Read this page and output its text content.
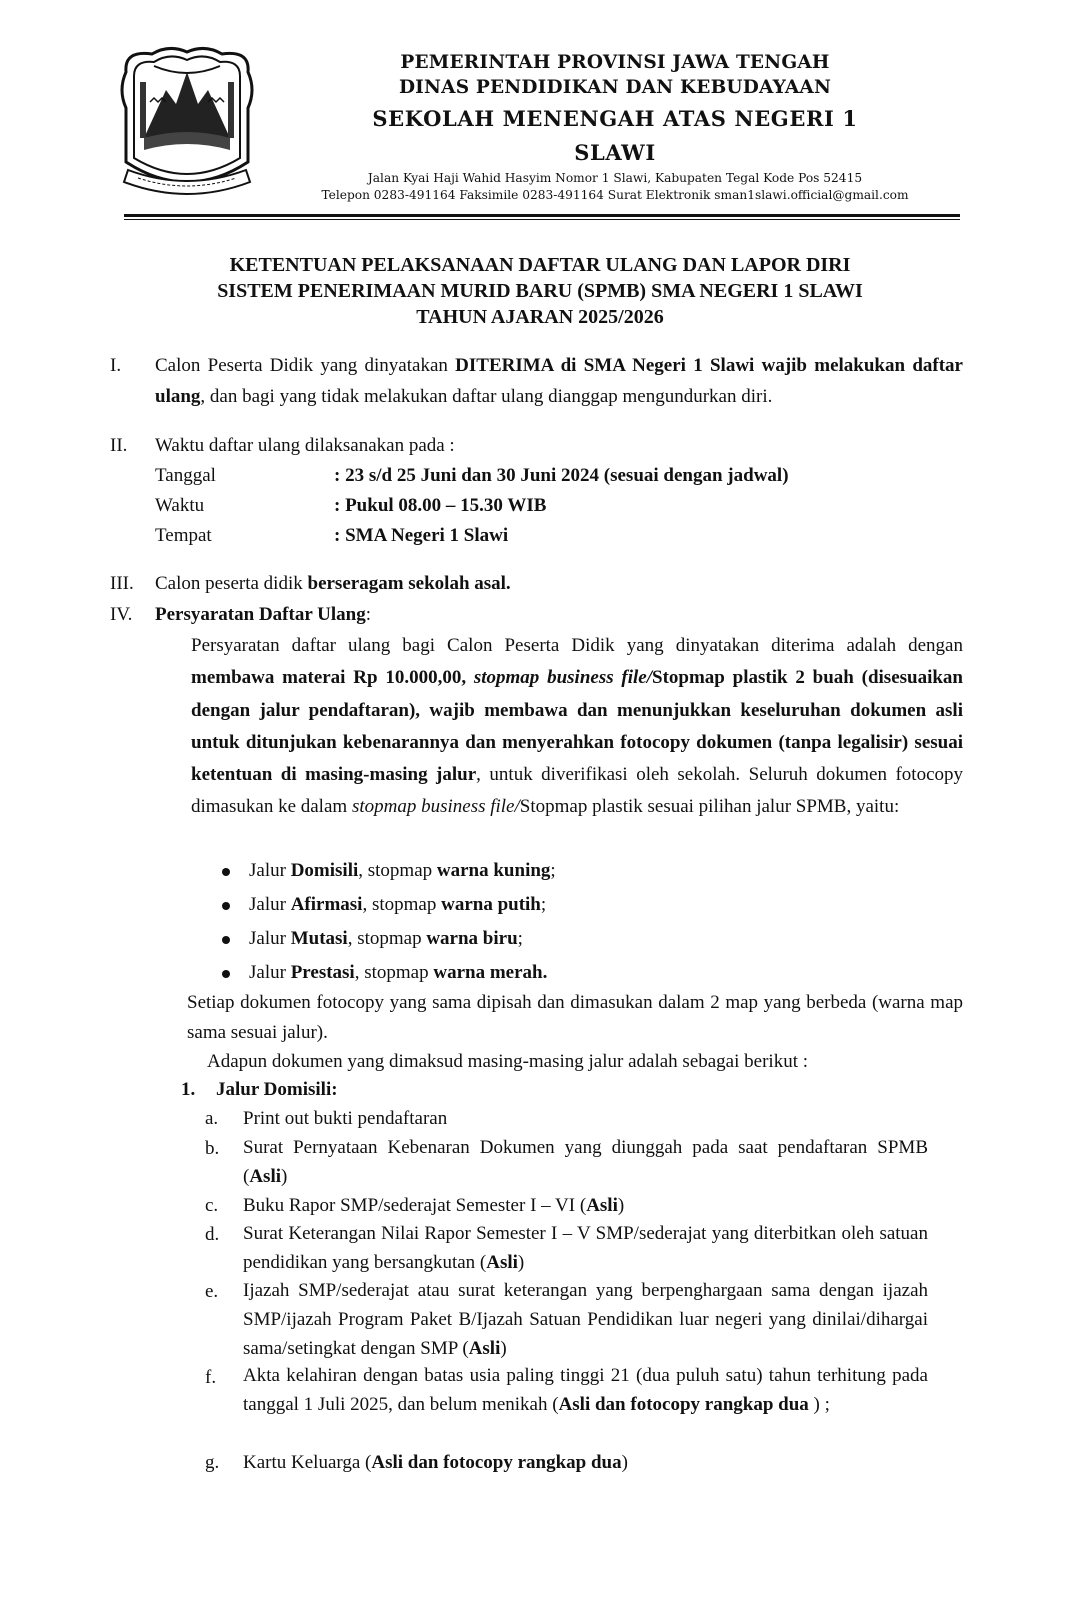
PEMERINTAH PROVINSI JAWA TENGAH
DINAS PENDIDIKAN DAN KEBUDAYAAN
SEKOLAH MENENGAH ATAS NEGERI 1
SLAWI
Jalan Kyai Haji Wahid Hasyim Nomor 1 Slawi, Kabupaten Tegal Kode Pos 52415
Telepon 0283-491164 Faksimile 0283-491164 Surat Elektronik sman1slawi.official@gmail.com
KETENTUAN PELAKSANAAN DAFTAR ULANG DAN LAPOR DIRI
SISTEM PENERIMAAN MURID BARU (SPMB) SMA NEGERI 1 SLAWI
TAHUN AJARAN 2025/2026
I.	Calon Peserta Didik yang dinyatakan DITERIMA di SMA Negeri 1 Slawi wajib melakukan daftar ulang, dan bagi yang tidak melakukan daftar ulang dianggap mengundurkan diri.
II.	Waktu daftar ulang dilaksanakan pada :
Tanggal	: 23 s/d 25 Juni dan 30 Juni 2024 (sesuai dengan jadwal)
Waktu	: Pukul 08.00 – 15.30 WIB
Tempat	: SMA Negeri 1 Slawi
III.	Calon peserta didik berseragam sekolah asal.
IV.	Persyaratan Daftar Ulang:
Persyaratan daftar ulang bagi Calon Peserta Didik yang dinyatakan diterima adalah dengan membawa materai Rp 10.000,00, stopmap business file/Stopmap plastik 2 buah (disesuaikan dengan jalur pendaftaran), wajib membawa dan menunjukkan keseluruhan dokumen asli untuk ditunjukan kebenarannya dan menyerahkan fotocopy dokumen (tanpa legalisir) sesuai ketentuan di masing-masing jalur, untuk diverifikasi oleh sekolah. Seluruh dokumen fotocopy dimasukan ke dalam stopmap business file/Stopmap plastik sesuai pilihan jalur SPMB, yaitu:
Jalur Domisili, stopmap warna kuning;
Jalur Afirmasi, stopmap warna putih;
Jalur Mutasi, stopmap warna biru;
Jalur Prestasi, stopmap warna merah.
Setiap dokumen fotocopy yang sama dipisah dan dimasukan dalam 2 map yang berbeda (warna map sama sesuai jalur).
Adapun dokumen yang dimaksud masing-masing jalur adalah sebagai berikut :
1.	Jalur Domisili:
a.	Print out bukti pendaftaran
b.	Surat Pernyataan Kebenaran Dokumen yang diunggah pada saat pendaftaran SPMB (Asli)
c.	Buku Rapor SMP/sederajat Semester I – VI (Asli)
d.	Surat Keterangan Nilai Rapor Semester I – V SMP/sederajat yang diterbitkan oleh satuan pendidikan yang bersangkutan (Asli)
e.	Ijazah SMP/sederajat atau surat keterangan yang berpenghargaan sama dengan ijazah SMP/ijazah Program Paket B/Ijazah Satuan Pendidikan luar negeri yang dinilai/dihargai sama/setingkat dengan SMP (Asli)
f.	Akta kelahiran dengan batas usia paling tinggi 21 (dua puluh satu) tahun terhitung pada tanggal 1 Juli 2025, dan belum menikah (Asli dan fotocopy rangkap dua ) ;
g.	Kartu Keluarga (Asli dan fotocopy rangkap dua)
